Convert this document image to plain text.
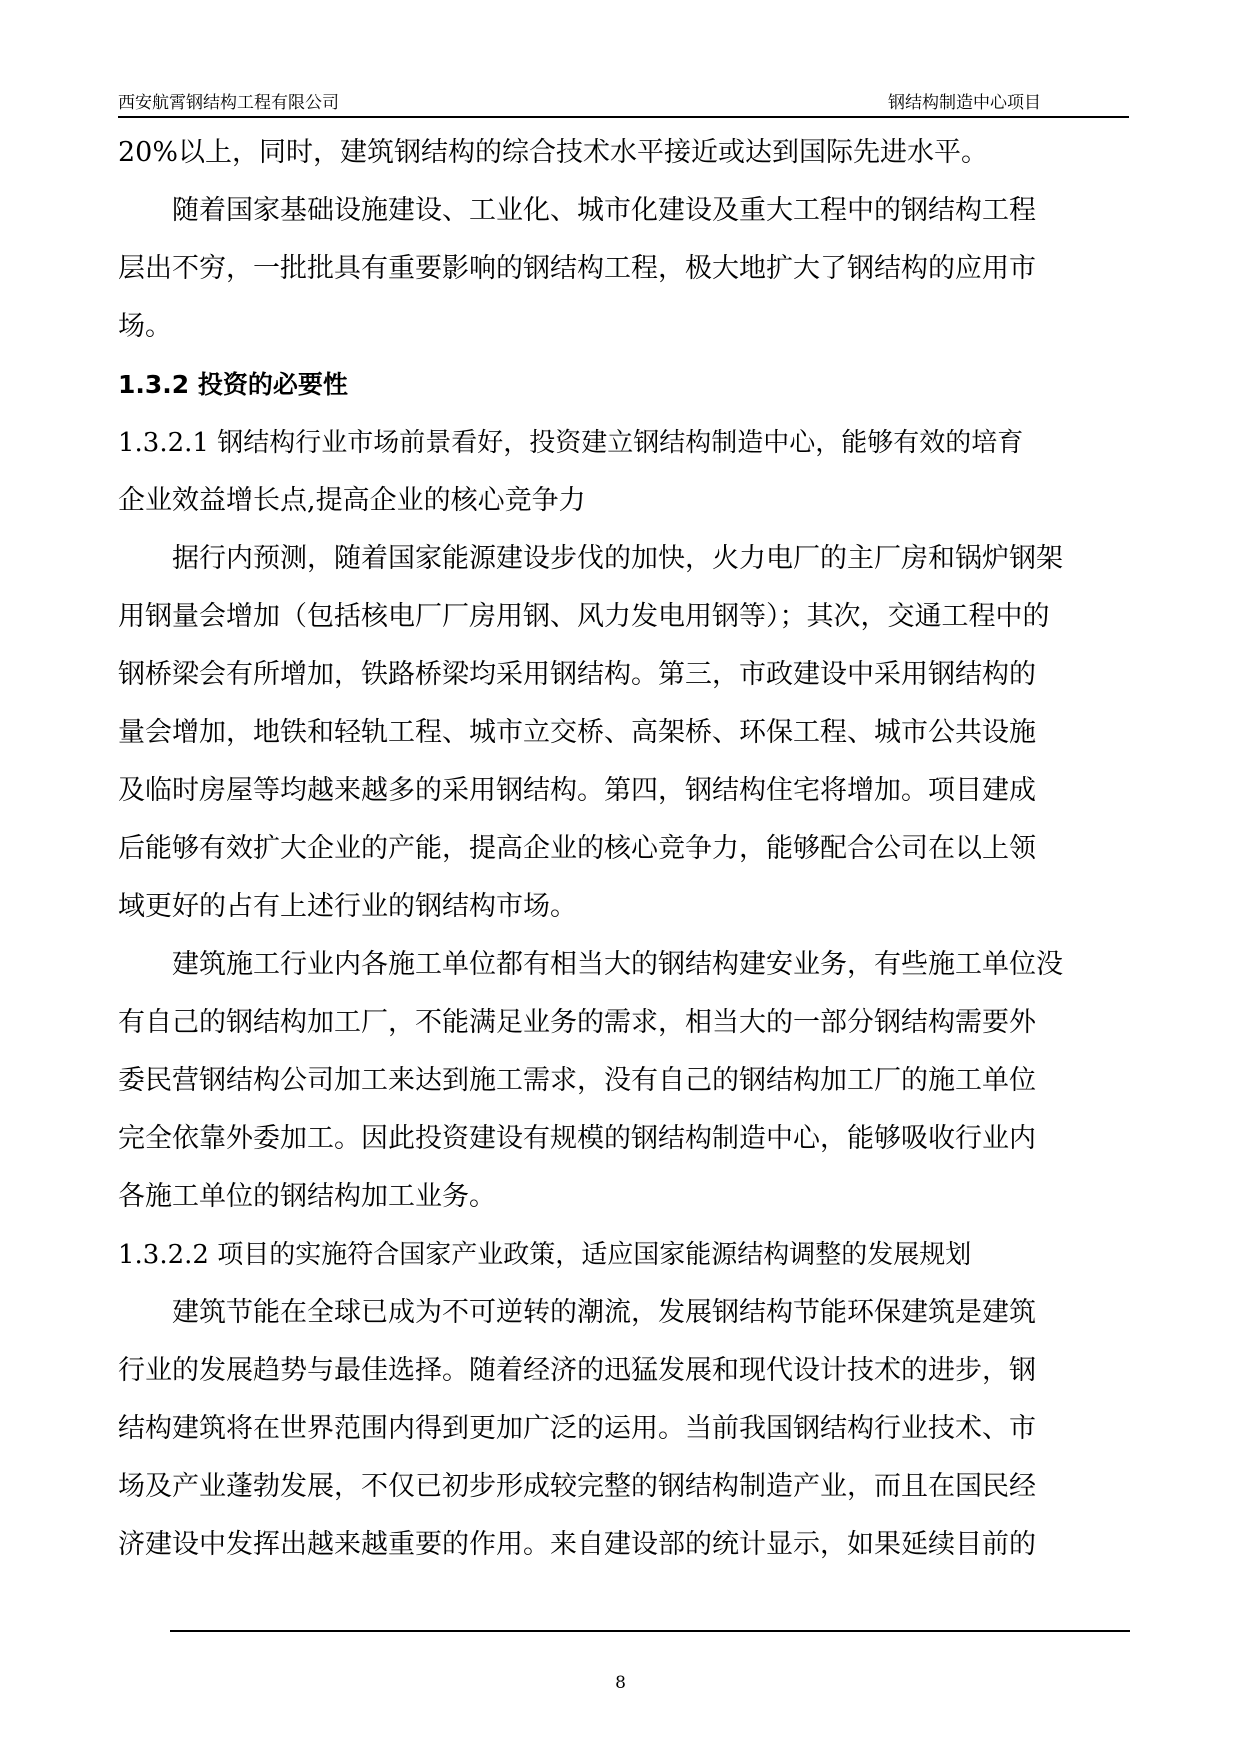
西安航霄钢结构工程有限公司	钢结构制造中心项目
20%以上，同时，建筑钢结构的综合技术水平接近或达到国际先进水平。
随着国家基础设施建设、工业化、城市化建设及重大工程中的钢结构工程
层出不穷，一批批具有重要影响的钢结构工程，极大地扩大了钢结构的应用市
场。
1.3.2 投资的必要性
1.3.2.1 钢结构行业市场前景看好，投资建立钢结构制造中心，能够有效的培育
企业效益增长点,提高企业的核心竞争力
据行内预测，随着国家能源建设步伐的加快，火力电厂的主厂房和锅炉钢架
用钢量会增加（包括核电厂厂房用钢、风力发电用钢等）；其次，交通工程中的
钢桥梁会有所增加，铁路桥梁均采用钢结构。第三，市政建设中采用钢结构的
量会增加，地铁和轻轨工程、城市立交桥、高架桥、环保工程、城市公共设施
及临时房屋等均越来越多的采用钢结构。第四，钢结构住宅将增加。项目建成
后能够有效扩大企业的产能，提高企业的核心竞争力，能够配合公司在以上领
域更好的占有上述行业的钢结构市场。
建筑施工行业内各施工单位都有相当大的钢结构建安业务，有些施工单位没
有自己的钢结构加工厂，不能满足业务的需求，相当大的一部分钢结构需要外
委民营钢结构公司加工来达到施工需求，没有自己的钢结构加工厂的施工单位
完全依靠外委加工。因此投资建设有规模的钢结构制造中心，能够吸收行业内
各施工单位的钢结构加工业务。
1.3.2.2 项目的实施符合国家产业政策，适应国家能源结构调整的发展规划
建筑节能在全球已成为不可逆转的潮流，发展钢结构节能环保建筑是建筑
行业的发展趋势与最佳选择。随着经济的迅猛发展和现代设计技术的进步，钢
结构建筑将在世界范围内得到更加广泛的运用。当前我国钢结构行业技术、市
场及产业蓬勃发展，不仅已初步形成较完整的钢结构制造产业，而且在国民经
济建设中发挥出越来越重要的作用。来自建设部的统计显示，如果延续目前的
8
